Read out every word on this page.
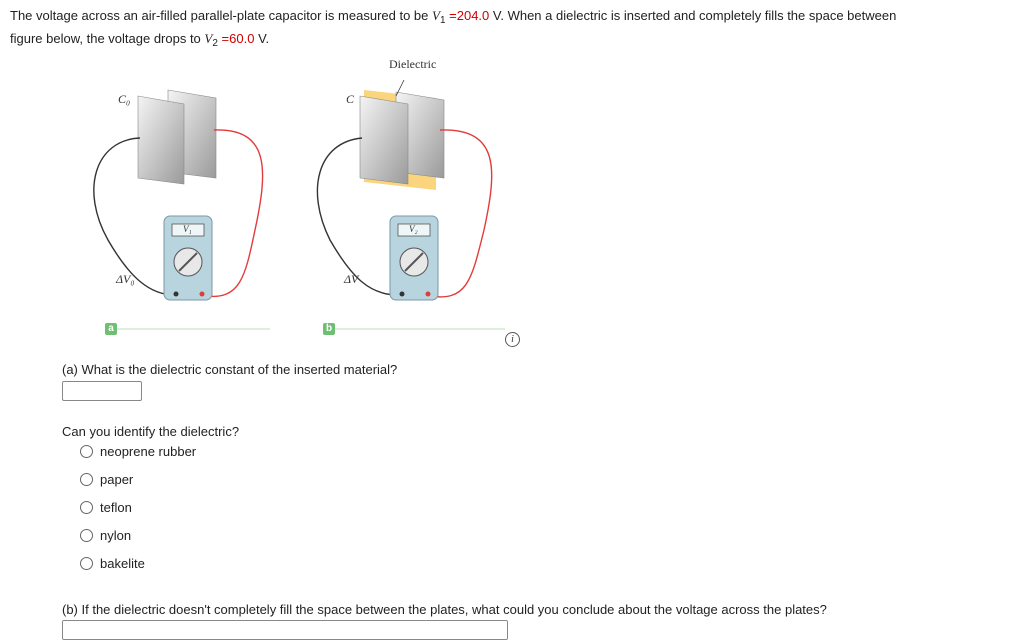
The voltage across an air-filled parallel-plate capacitor is measured to be $V_1 =204.0$ V. When a dielectric is inserted and completely fills the space between
figure below, the voltage drops to $V_2 =60.0$ V.
Dielectric
C₀	C
ΔV₀	ΔV
V₁	V₂
a	b
i
(a) What is the dielectric constant of the inserted material?
Can you identify the dielectric?
neoprene rubber
paper
teflon
nylon
bakelite
(b) If the dielectric doesn't completely fill the space between the plates, what could you conclude about the voltage across the plates?
